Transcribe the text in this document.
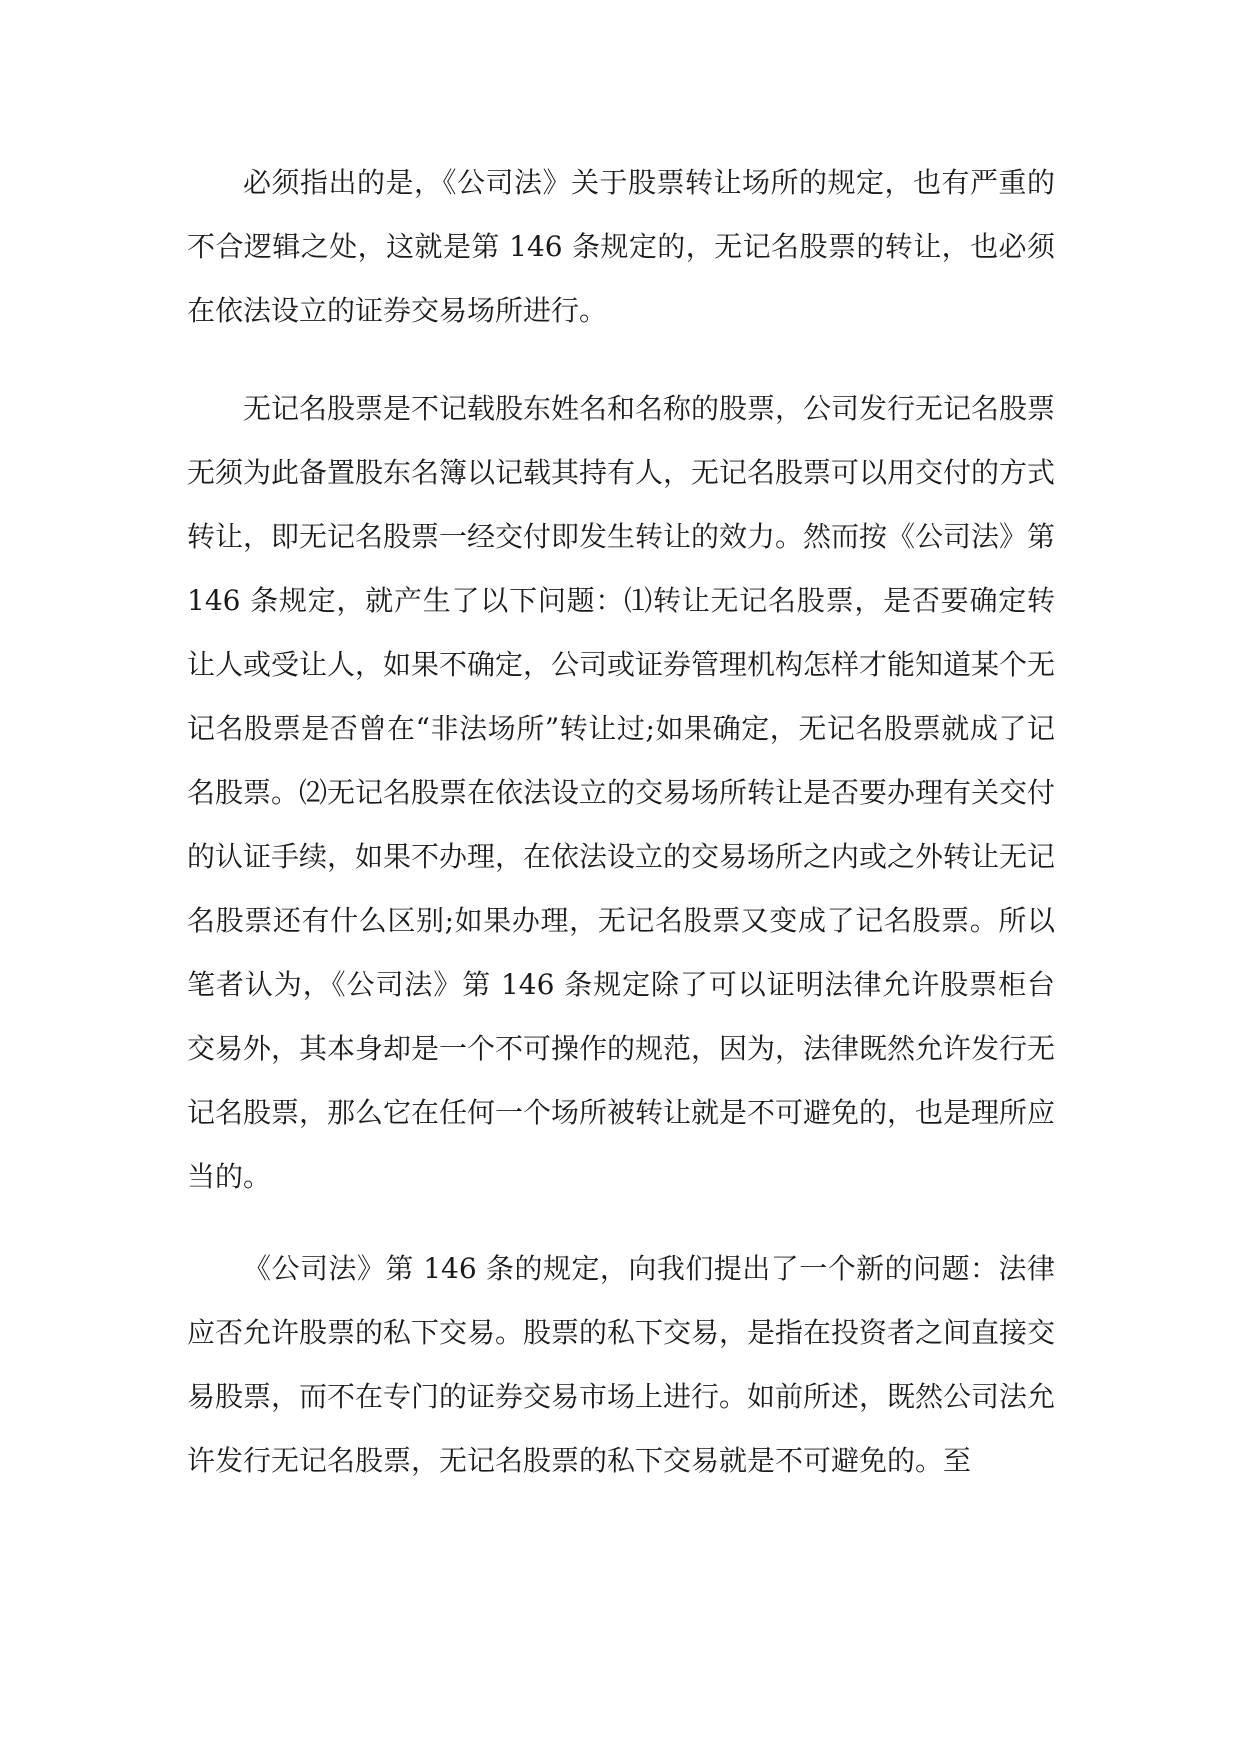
必须指出的是，《公司法》关于股票转让场所的规定，也有严重的不合逻辑之处，这就是第 146 条规定的，无记名股票的转让，也必须在依法设立的证券交易场所进行。

无记名股票是不记载股东姓名和名称的股票，公司发行无记名股票无须为此备置股东名簿以记载其持有人，无记名股票可以用交付的方式转让，即无记名股票一经交付即发生转让的效力。然而按《公司法》第 146 条规定，就产生了以下问题：⑴转让无记名股票，是否要确定转让人或受让人，如果不确定，公司或证券管理机构怎样才能知道某个无记名股票是否曾在“非法场所”转让过;如果确定，无记名股票就成了记名股票。⑵无记名股票在依法设立的交易场所转让是否要办理有关交付的认证手续，如果不办理，在依法设立的交易场所之内或之外转让无记名股票还有什么区别;如果办理，无记名股票又变成了记名股票。所以笔者认为，《公司法》第 146 条规定除了可以证明法律允许股票柜台交易外，其本身却是一个不可操作的规范，因为，法律既然允许发行无记名股票，那么它在任何一个场所被转让就是不可避免的，也是理所应当的。

《公司法》第 146 条的规定，向我们提出了一个新的问题：法律应否允许股票的私下交易。股票的私下交易，是指在投资者之间直接交易股票，而不在专门的证券交易市场上进行。如前所述，既然公司法允许发行无记名股票，无记名股票的私下交易就是不可避免的。至
